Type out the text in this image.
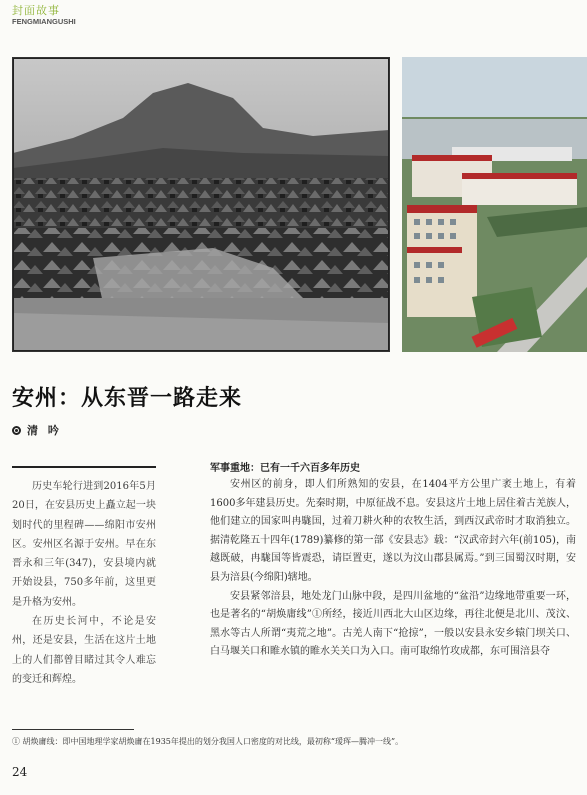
封面故事
FENGMIANGUSHI
安州：从东晋一路走来
清 吟

历史车轮行进到2016年5月20日，在安县历史上矗立起一块划时代的里程碑——绵阳市安州区。安州区名源于安州。早在东晋永和三年(347)，安县境内就开始设县，750多年前，这里更是升格为安州。

在历史长河中，不论是安州，还是安县，生活在这片土地上的人们都曾目睹过其令人难忘的变迁和辉煌。

军事重地：已有一千六百多年历史

安州区的前身，即人们所熟知的安县，在1404平方公里广袤土地上，有着1600多年建县历史。先秦时期，中原征战不息。安县这片土地上居住着古羌族人，他们建立的国家叫冉駹国，过着刀耕火种的农牧生活，到西汉武帝时才取消独立。据清乾隆五十四年(1789)纂修的第一部《安县志》载：“汉武帝封六年(前105)，南越既破，冉駹国等皆震恐，请臣置吏，遂以为汶山郡县属焉。”到三国蜀汉时期，安县为涪县(今绵阳)辖地。

安县紧邻涪县，地处龙门山脉中段，是四川盆地的“盆沿”边缘地带重要一环，也是著名的“胡焕庸线”①所经，接近川西北大山区边缘，再往北便是北川、茂汶、黑水等古人所谓“夷荒之地”。古羌人南下“抢掠”，一般以安县永安乡辕门坝关口、白马堰关口和睢水镇的睢水关关口为入口。南可取绵竹攻成都，东可围涪县夺

① 胡焕庸线：即中国地理学家胡焕庸在1935年提出的划分我国人口密度的对比线，最初称“瑷珲—腾冲一线”。
24
